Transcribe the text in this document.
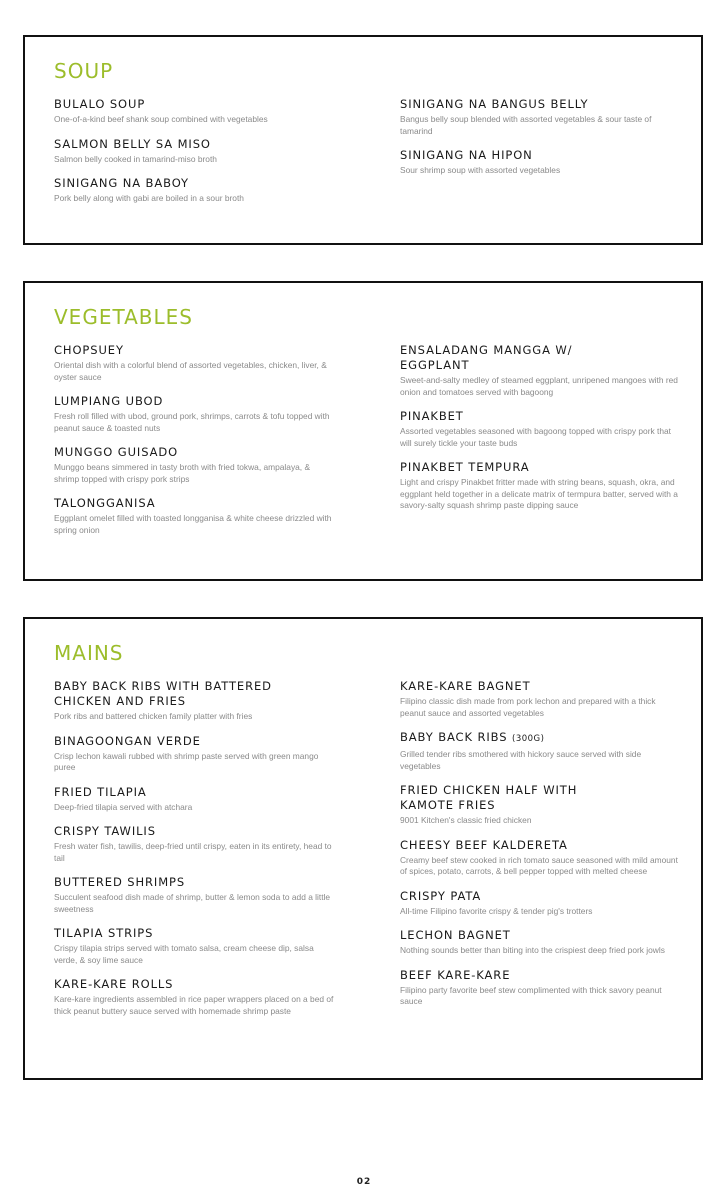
SOUP
BULALO SOUP
One-of-a-kind beef shank soup combined with vegetables
SALMON BELLY SA MISO
Salmon belly cooked in tamarind-miso broth
SINIGANG NA BABOY
Pork belly along with gabi are boiled in a sour broth
SINIGANG NA BANGUS BELLY
Bangus belly soup blended with assorted vegetables & sour taste of tamarind
SINIGANG NA HIPON
Sour shrimp soup with assorted vegetables
VEGETABLES
CHOPSUEY
Oriental dish with a colorful blend of assorted vegetables, chicken, liver, & oyster sauce
LUMPIANG UBOD
Fresh roll filled with ubod, ground pork, shrimps, carrots & tofu topped with peanut sauce & toasted nuts
MUNGGO GUISADO
Munggo beans simmered in tasty broth with fried tokwa, ampalaya, & shrimp topped with crispy pork strips
TALONGGANISA
Eggplant omelet filled with toasted longganisa & white cheese drizzled with spring onion
ENSALADANG MANGGA W/ EGGPLANT
Sweet-and-salty medley of steamed eggplant, unripened mangoes with red onion and tomatoes served with bagoong
PINAKBET
Assorted vegetables seasoned with bagoong topped with crispy pork that will surely tickle your taste buds
PINAKBET TEMPURA
Light and crispy Pinakbet fritter made with string beans, squash, okra, and eggplant held together in a delicate matrix of termpura batter, served with a savory-salty squash shrimp paste dipping sauce
MAINS
BABY BACK RIBS WITH BATTERED CHICKEN AND FRIES
Pork ribs and battered chicken family platter with fries
BINAGOONGAN VERDE
Crisp lechon kawali rubbed with shrimp paste served with green mango puree
FRIED TILAPIA
Deep-fried tilapia served with atchara
CRISPY TAWILIS
Fresh water fish, tawilis, deep-fried until crispy, eaten in its entirety, head to tail
BUTTERED SHRIMPS
Succulent seafood dish made of shrimp, butter & lemon soda to add a little sweetness
TILAPIA STRIPS
Crispy tilapia strips served with tomato salsa, cream cheese dip, salsa verde, & soy lime sauce
KARE-KARE ROLLS
Kare-kare ingredients assembled in rice paper wrappers placed on a bed of thick peanut buttery sauce served with homemade shrimp paste
KARE-KARE BAGNET
Filipino classic dish made from pork lechon and prepared with a thick peanut sauce and assorted vegetables
BABY BACK RIBS (300G)
Grilled tender ribs smothered with hickory sauce served with side vegetables
FRIED CHICKEN HALF WITH KAMOTE FRIES
9001 Kitchen's classic fried chicken
CHEESY BEEF KALDERETA
Creamy beef stew cooked in rich tomato sauce seasoned with mild amount of spices, potato, carrots, & bell pepper topped with melted cheese
CRISPY PATA
All-time Filipino favorite crispy & tender pig's trotters
LECHON BAGNET
Nothing sounds better than biting into the crispiest deep fried pork jowls
BEEF KARE-KARE
Filipino party favorite beef stew complimented with thick savory peanut sauce
02
